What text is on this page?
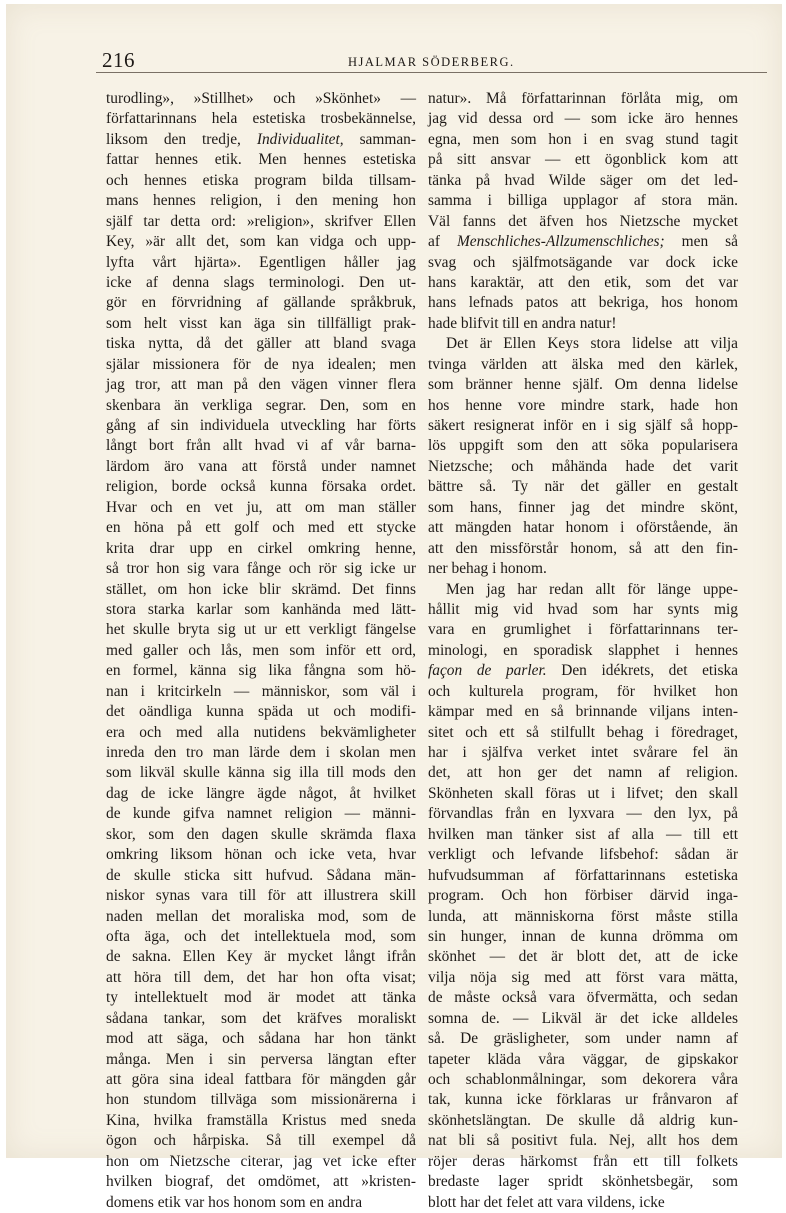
216	HJALMAR SÖDERBERG.
turodling», »Stillhet» och »Skönhet» —
författarinnans hela estetiska trosbekännelse,
liksom den tredje, Individualitet, samman-
fattar hennes etik. Men hennes estetiska
och hennes etiska program bilda tillsam-
mans hennes religion, i den mening hon
själf tar detta ord: »religion», skrifver Ellen
Key, »är allt det, som kan vidga och upp-
lyfta vårt hjärta». Egentligen håller jag
icke af denna slags terminologi. Den ut-
gör en förvridning af gällande språkbruk,
som helt visst kan äga sin tillfälligt prak-
tiska nytta, då det gäller att bland svaga
själar missionera för de nya idealen; men
jag tror, att man på den vägen vinner flera
skenbara än verkliga segrar. Den, som en
gång af sin individuela utveckling har förts
långt bort från allt hvad vi af vår barna-
lärdom äro vana att förstå under namnet
religion, borde också kunna försaka ordet.
Hvar och en vet ju, att om man ställer
en höna på ett golf och med ett stycke
krita drar upp en cirkel omkring henne,
så tror hon sig vara fånge och rör sig icke ur
stället, om hon icke blir skrämd. Det finns
stora starka karlar som kanhända med lätt-
het skulle bryta sig ut ur ett verkligt fängelse
med galler och lås, men som inför ett ord,
en formel, känna sig lika fångna som hö-
nan i kritcirkeln — människor, som väl i
det oändliga kunna späda ut och modifi-
era och med alla nutidens bekvämligheter
inreda den tro man lärde dem i skolan men
som likväl skulle känna sig illa till mods den
dag de icke längre ägde något, åt hvilket
de kunde gifva namnet religion — männi-
skor, som den dagen skulle skrämda flaxa
omkring liksom hönan och icke veta, hvar
de skulle sticka sitt hufvud. Sådana män-
niskor synas vara till för att illustrera skill
naden mellan det moraliska mod, som de
ofta äga, och det intellektuela mod, som
de sakna. Ellen Key är mycket långt ifrån
att höra till dem, det har hon ofta visat;
ty intellektuelt mod är modet att tänka
sådana tankar, som det kräfves moraliskt
mod att säga, och sådana har hon tänkt
många. Men i sin perversa längtan efter
att göra sina ideal fattbara för mängden går
hon stundom tillväga som missionärerna i
Kina, hvilka framställa Kristus med sneda
ögon och hårpiska. Så till exempel då
hon om Nietzsche citerar, jag vet icke efter
hvilken biograf, det omdömet, att »kristen-
domens etik var hos honom som en andra
natur». Må författarinnan förlåta mig, om
jag vid dessa ord — som icke äro hennes
egna, men som hon i en svag stund tagit
på sitt ansvar — ett ögonblick kom att
tänka på hvad Wilde säger om det led-
samma i billiga upplagor af stora män.
Väl fanns det äfven hos Nietzsche mycket
af Menschliches-Allzumenschliches; men så
svag och själfmotsägande var dock icke
hans karaktär, att den etik, som det var
hans lefnads patos att bekriga, hos honom
hade blifvit till en andra natur!
Det är Ellen Keys stora lidelse att vilja
tvinga världen att älska med den kärlek,
som bränner henne själf. Om denna lidelse
hos henne vore mindre stark, hade hon
säkert resignerat inför en i sig själf så hopp-
lös uppgift som den att söka popularisera
Nietzsche; och måhända hade det varit
bättre så. Ty när det gäller en gestalt
som hans, finner jag det mindre skönt,
att mängden hatar honom i oförstående, än
att den missförstår honom, så att den fin-
ner behag i honom.
Men jag har redan allt för länge uppe-
hållit mig vid hvad som har synts mig
vara en grumlighet i författarinnans ter-
minologi, en sporadisk slapphet i hennes
façon de parler. Den idékrets, det etiska
och kulturela program, för hvilket hon
kämpar med en så brinnande viljans inten-
sitet och ett så stilfullt behag i föredraget,
har i själfva verket intet svårare fel än
det, att hon ger det namn af religion.
Skönheten skall föras ut i lifvet; den skall
förvandlas från en lyxvara — den lyx, på
hvilken man tänker sist af alla — till ett
verkligt och lefvande lifsbehof: sådan är
hufvudsumman af författarinnans estetiska
program. Och hon förbiser därvid inga-
lunda, att människorna först måste stilla
sin hunger, innan de kunna drömma om
skönhet — det är blott det, att de icke
vilja nöja sig med att först vara mätta,
de måste också vara öfvermätta, och sedan
somna de. — Likväl är det icke alldeles
så. De gräsligheter, som under namn af
tapeter kläda våra väggar, de gipskakor
och schablonmålningar, som dekorera våra
tak, kunna icke förklaras ur frånvaron af
skönhetslängtan. De skulle då aldrig kun-
nat bli så positivt fula. Nej, allt hos dem
röjer deras härkomst från ett till folkets
bredaste lager spridt skönhetsbegär, som
blott har det felet att vara vildens, icke
